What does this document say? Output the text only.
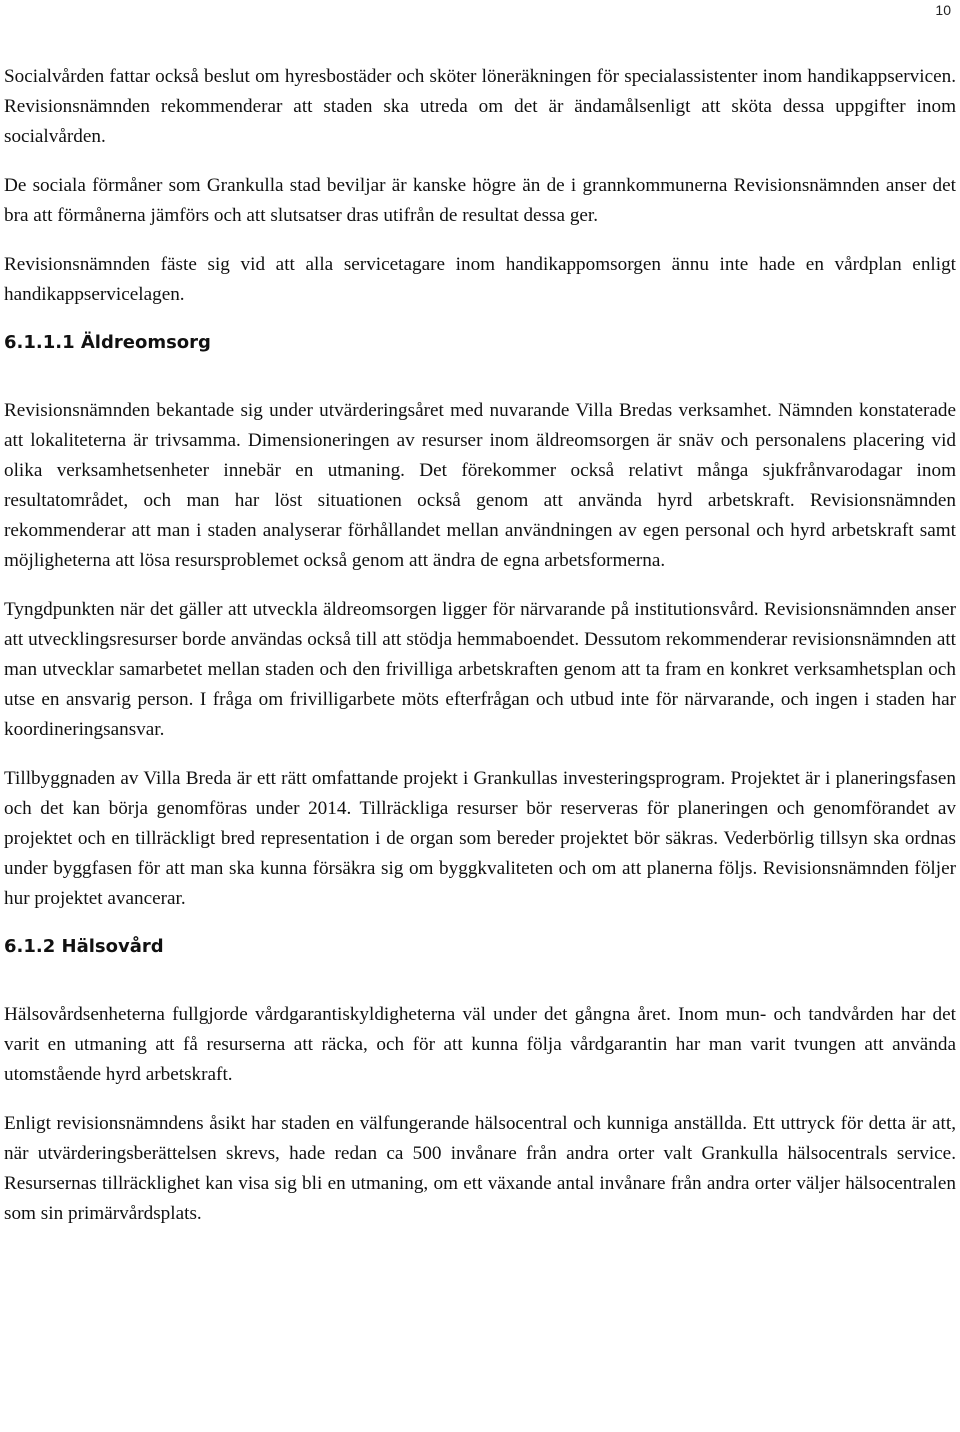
10

Socialvården fattar också beslut om hyresbostäder och sköter löneräkningen för specialassistenter inom handikappservicen. Revisionsnämnden rekommenderar att staden ska utreda om det är ändamålsenligt att sköta dessa uppgifter inom socialvården.

De sociala förmåner som Grankulla stad beviljar är kanske högre än de i grannkommunerna Revisionsnämnden anser det bra att förmånerna jämförs och att slutsatser dras utifrån de resultat dessa ger.

Revisionsnämnden fäste sig vid att alla servicetagare inom handikappomsorgen ännu inte hade en vårdplan enligt handikappservicelagen.

6.1.1.1 Äldreomsorg

Revisionsnämnden bekantade sig under utvärderingsåret med nuvarande Villa Bredas verksamhet. Nämnden konstaterade att lokaliteterna är trivsamma. Dimensioneringen av resurser inom äldreomsorgen är snäv och personalens placering vid olika verksamhetsenheter innebär en utmaning. Det förekommer också relativt många sjukfrånvarodagar inom resultatområdet, och man har löst situationen också genom att använda hyrd arbetskraft. Revisionsnämnden rekommenderar att man i staden analyserar förhållandet mellan användningen av egen personal och hyrd arbetskraft samt möjligheterna att lösa resursproblemet också genom att ändra de egna arbetsformerna.

Tyngdpunkten när det gäller att utveckla äldreomsorgen ligger för närvarande på institutionsvård. Revisionsnämnden anser att utvecklingsresurser borde användas också till att stödja hemmaboendet. Dessutom rekommenderar revisionsnämnden att man utvecklar samarbetet mellan staden och den frivilliga arbetskraften genom att ta fram en konkret verksamhetsplan och utse en ansvarig person. I fråga om frivilligarbete möts efterfrågan och utbud inte för närvarande, och ingen i staden har koordineringsansvar.

Tillbyggnaden av Villa Breda är ett rätt omfattande projekt i Grankullas investeringsprogram. Projektet är i planeringsfasen och det kan börja genomföras under 2014. Tillräckliga resurser bör reserveras för planeringen och genomförandet av projektet och en tillräckligt bred representation i de organ som bereder projektet bör säkras. Vederbörlig tillsyn ska ordnas under byggfasen för att man ska kunna försäkra sig om byggkvaliteten och om att planerna följs. Revisionsnämnden följer hur projektet avancerar.

6.1.2 Hälsovård

Hälsovårdsenheterna fullgjorde vårdgarantiskyldigheterna väl under det gångna året. Inom mun- och tandvården har det varit en utmaning att få resurserna att räcka, och för att kunna följa vårdgarantin har man varit tvungen att använda utomstående hyrd arbetskraft.

Enligt revisionsnämndens åsikt har staden en välfungerande hälsocentral och kunniga anställda. Ett uttryck för detta är att, när utvärderingsberättelsen skrevs, hade redan ca 500 invånare från andra orter valt Grankulla hälsocentrals service. Resursernas tillräcklighet kan visa sig bli en utmaning, om ett växande antal invånare från andra orter väljer hälsocentralen som sin primärvårdsplats.
